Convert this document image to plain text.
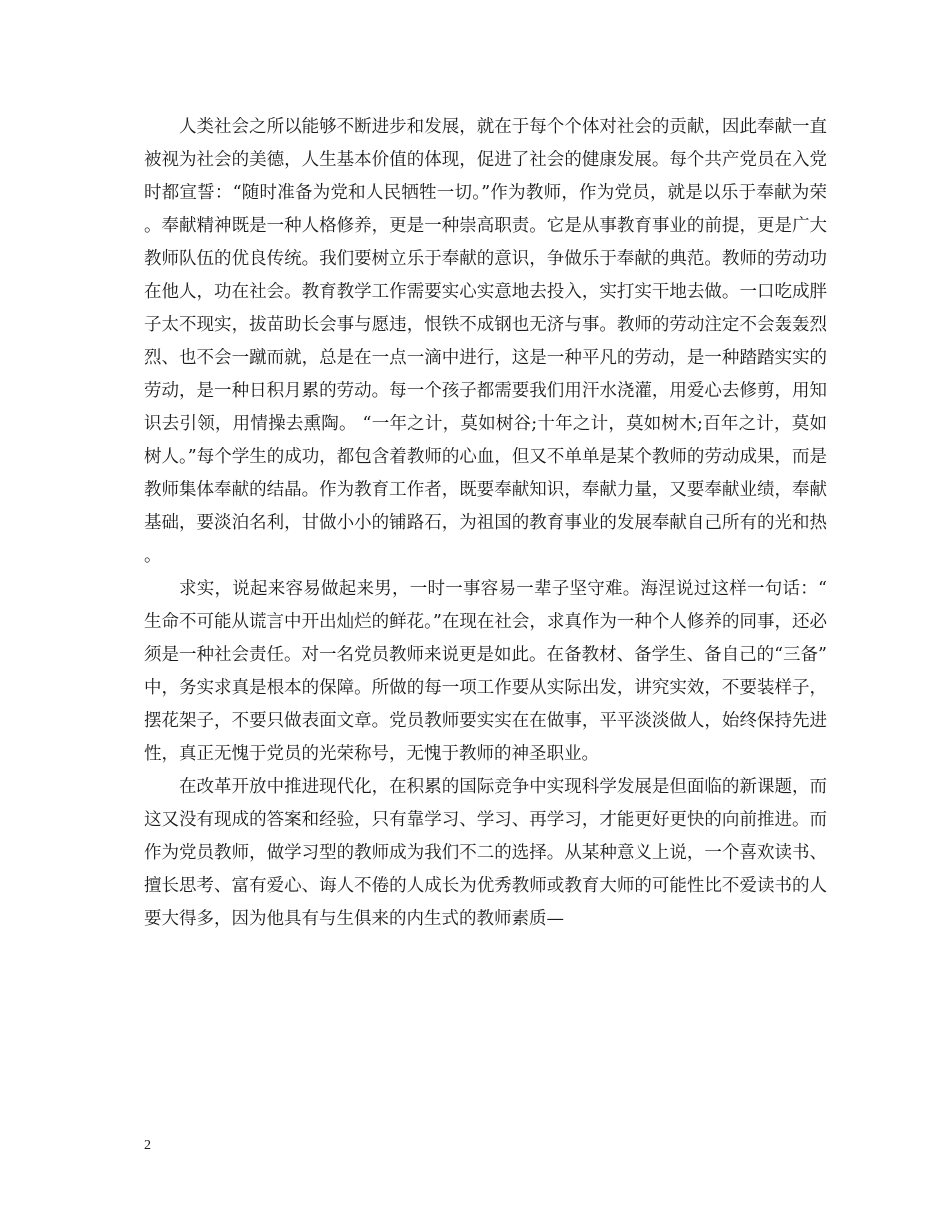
人类社会之所以能够不断进步和发展，就在于每个个体对社会的贡献，因此奉献一直被视为社会的美德，人生基本价值的体现，促进了社会的健康发展。每个共产党员在入党时都宣誓：“随时准备为党和人民牺牲一切。”作为教师，作为党员，就是以乐于奉献为荣。奉献精神既是一种人格修养，更是一种崇高职责。它是从事教育事业的前提，更是广大教师队伍的优良传统。我们要树立乐于奉献的意识，争做乐于奉献的典范。教师的劳动功在他人，功在社会。教育教学工作需要实心实意地去投入，实打实干地去做。一口吃成胖子太不现实，拔苗助长会事与愿违，恨铁不成钢也无济与事。教师的劳动注定不会轰轰烈烈、也不会一蹴而就，总是在一点一滴中进行，这是一种平凡的劳动，是一种踏踏实实的劳动，是一种日积月累的劳动。每一个孩子都需要我们用汗水浇灌，用爱心去修剪，用知识去引领，用情操去熏陶。 “一年之计，莫如树谷;十年之计，莫如树木;百年之计，莫如树人。”每个学生的成功，都包含着教师的心血，但又不单单是某个教师的劳动成果，而是教师集体奉献的结晶。作为教育工作者，既要奉献知识，奉献力量，又要奉献业绩，奉献基础，要淡泊名利，甘做小小的铺路石，为祖国的教育事业的发展奉献自己所有的光和热。

求实，说起来容易做起来男，一时一事容易一辈子坚守难。海涅说过这样一句话：“生命不可能从谎言中开出灿烂的鲜花。”在现在社会，求真作为一种个人修养的同事，还必须是一种社会责任。对一名党员教师来说更是如此。在备教材、备学生、备自己的“三备”中，务实求真是根本的保障。所做的每一项工作要从实际出发，讲究实效，不要装样子，摆花架子，不要只做表面文章。党员教师要实实在在做事，平平淡淡做人，始终保持先进性，真正无愧于党员的光荣称号，无愧于教师的神圣职业。

在改革开放中推进现代化，在积累的国际竞争中实现科学发展是但面临的新课题，而这又没有现成的答案和经验，只有靠学习、学习、再学习，才能更好更快的向前推进。而作为党员教师，做学习型的教师成为我们不二的选择。从某种意义上说，一个喜欢读书、擅长思考、富有爱心、诲人不倦的人成长为优秀教师或教育大师的可能性比不爱读书的人要大得多，因为他具有与生俱来的内生式的教师素质—

2
